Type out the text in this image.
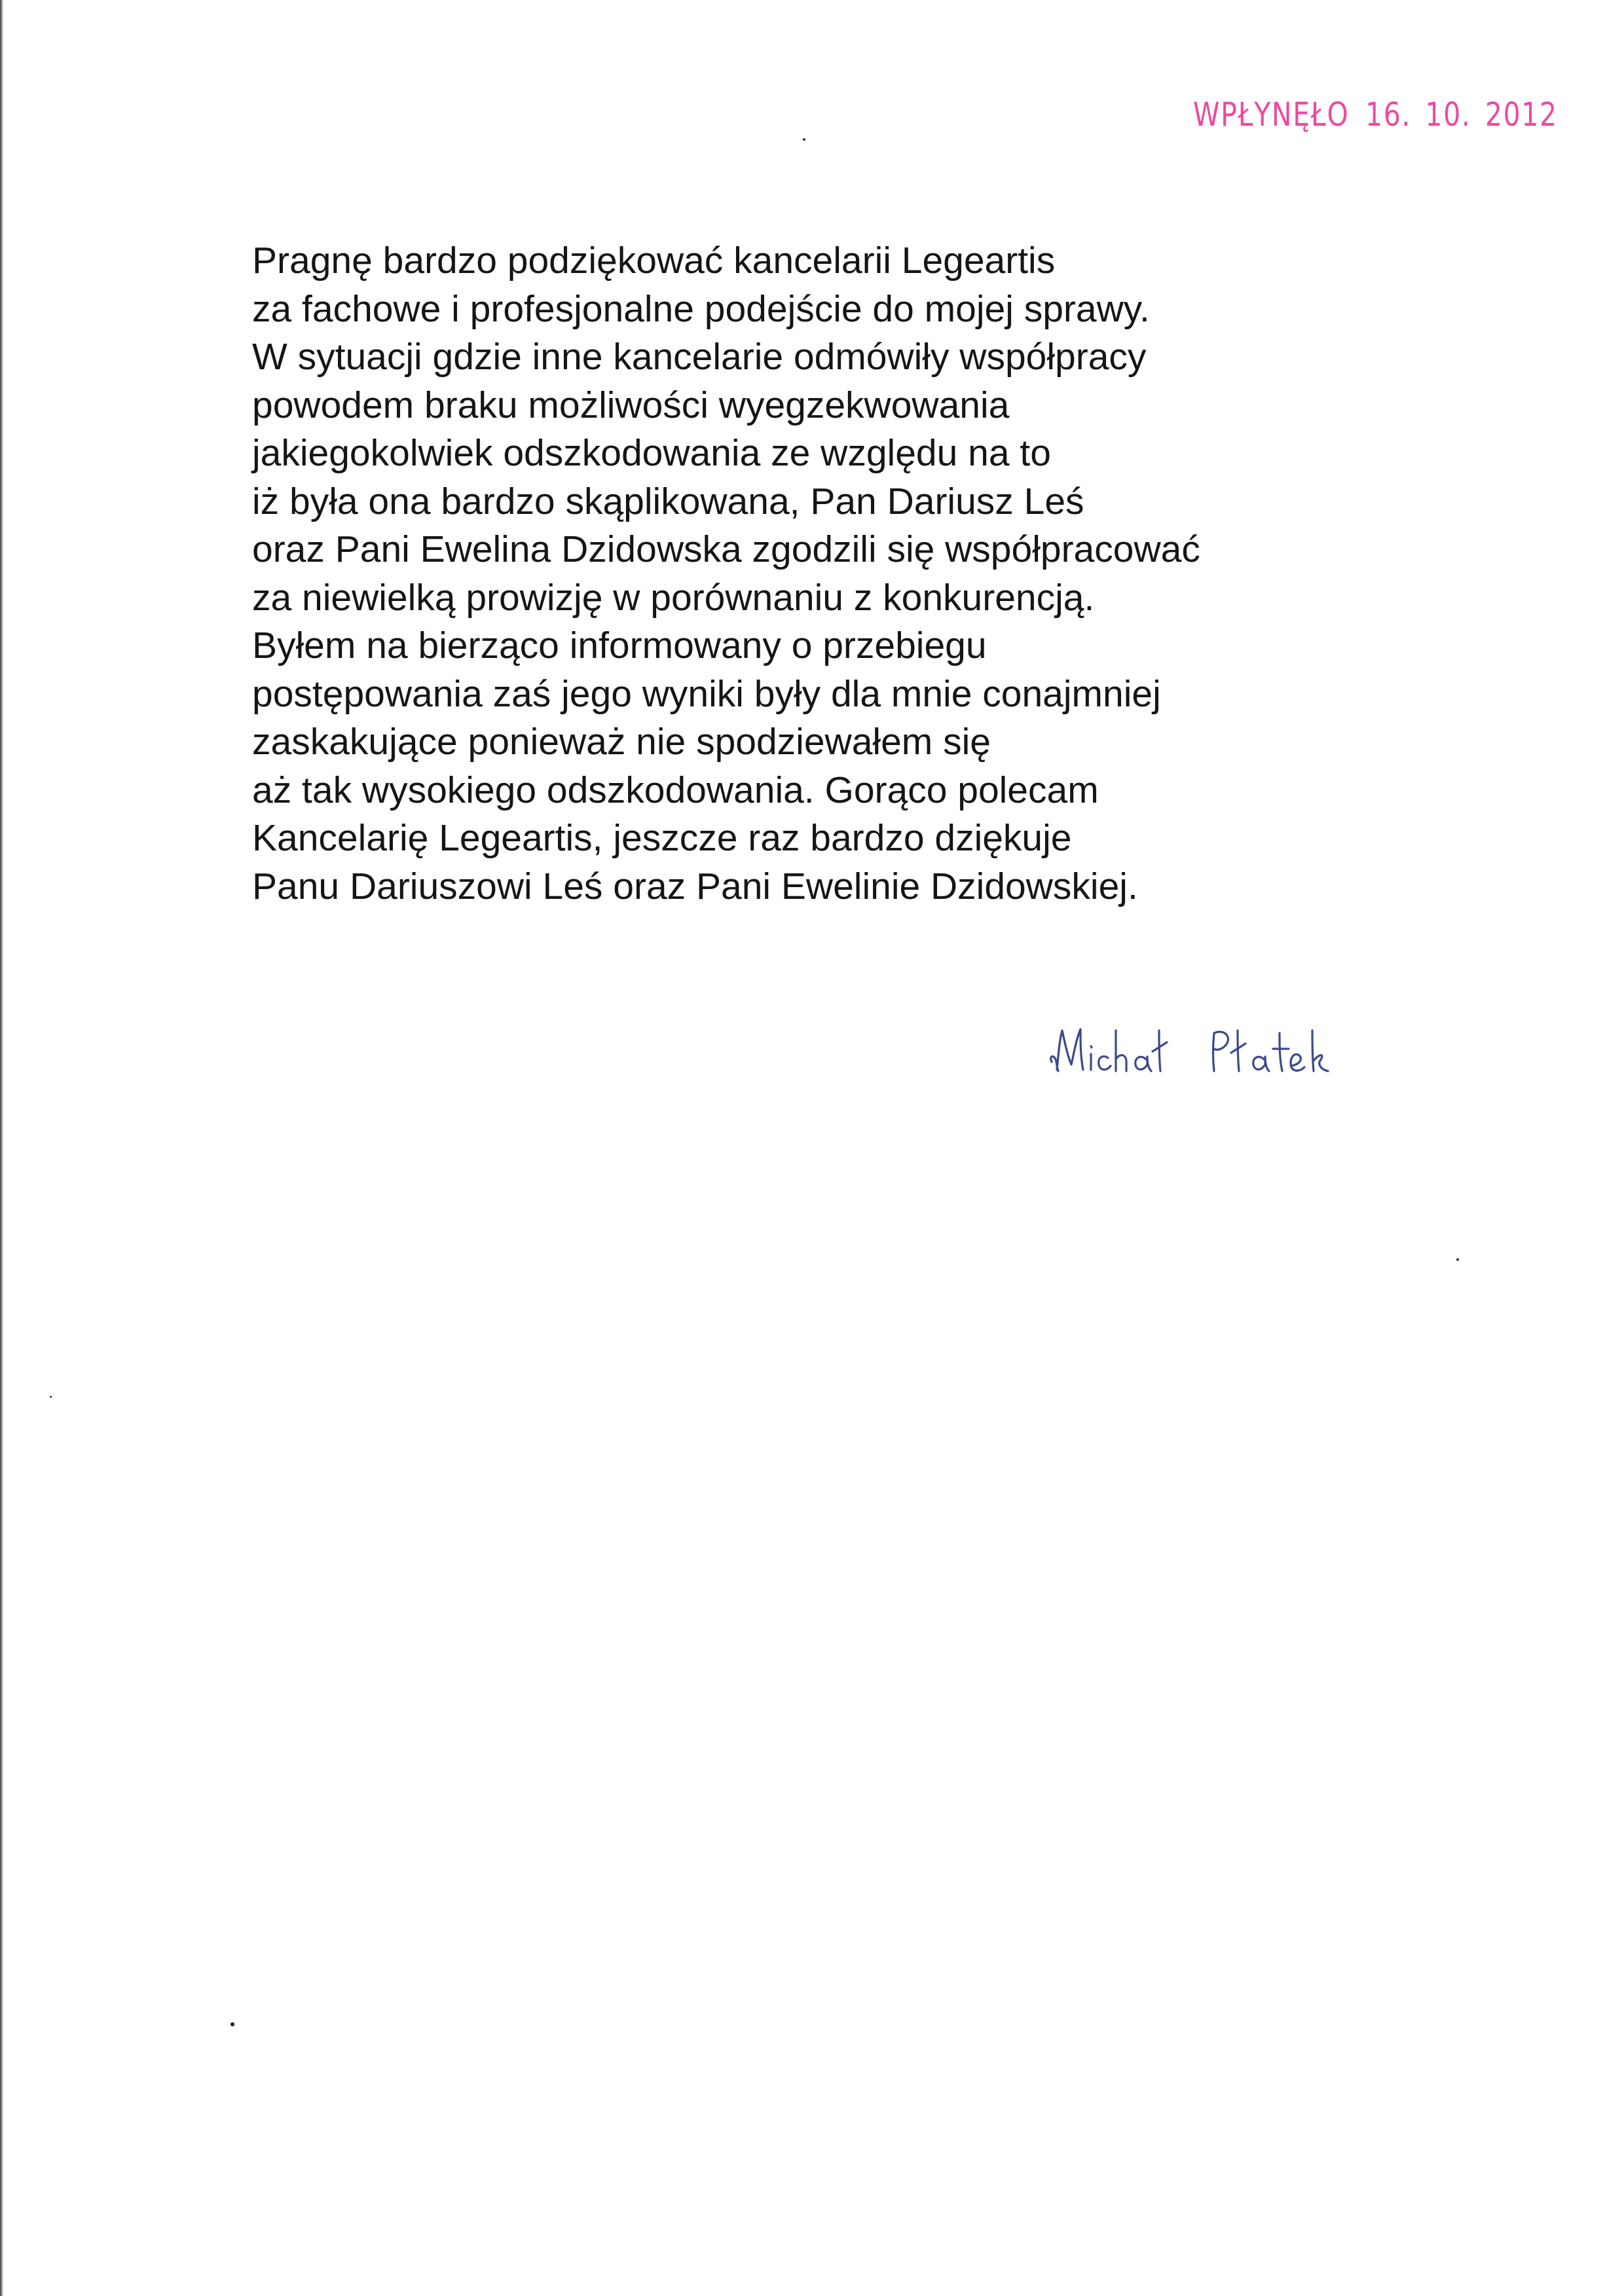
WPŁYNĘŁO 16. 10. 2012
Pragnę bardzo podziękować kancelarii Legeartis
za fachowe i profesjonalne podejście do mojej sprawy.
W sytuacji gdzie inne kancelarie odmówiły współpracy
powodem braku możliwości wyegzekwowania
jakiegokolwiek odszkodowania ze względu na to
iż była ona bardzo skąplikowana, Pan Dariusz Leś
oraz Pani Ewelina Dzidowska zgodzili się współpracować
za niewielką prowizję w porównaniu z konkurencją.
Byłem na bierząco informowany o przebiegu
postępowania zaś jego wyniki były dla mnie conajmniej
zaskakujące ponieważ nie spodziewałem się
aż tak wysokiego odszkodowania. Gorąco polecam
Kancelarię Legeartis, jeszcze raz bardzo dziękuje
Panu Dariuszowi Leś oraz Pani Ewelinie Dzidowskiej.
